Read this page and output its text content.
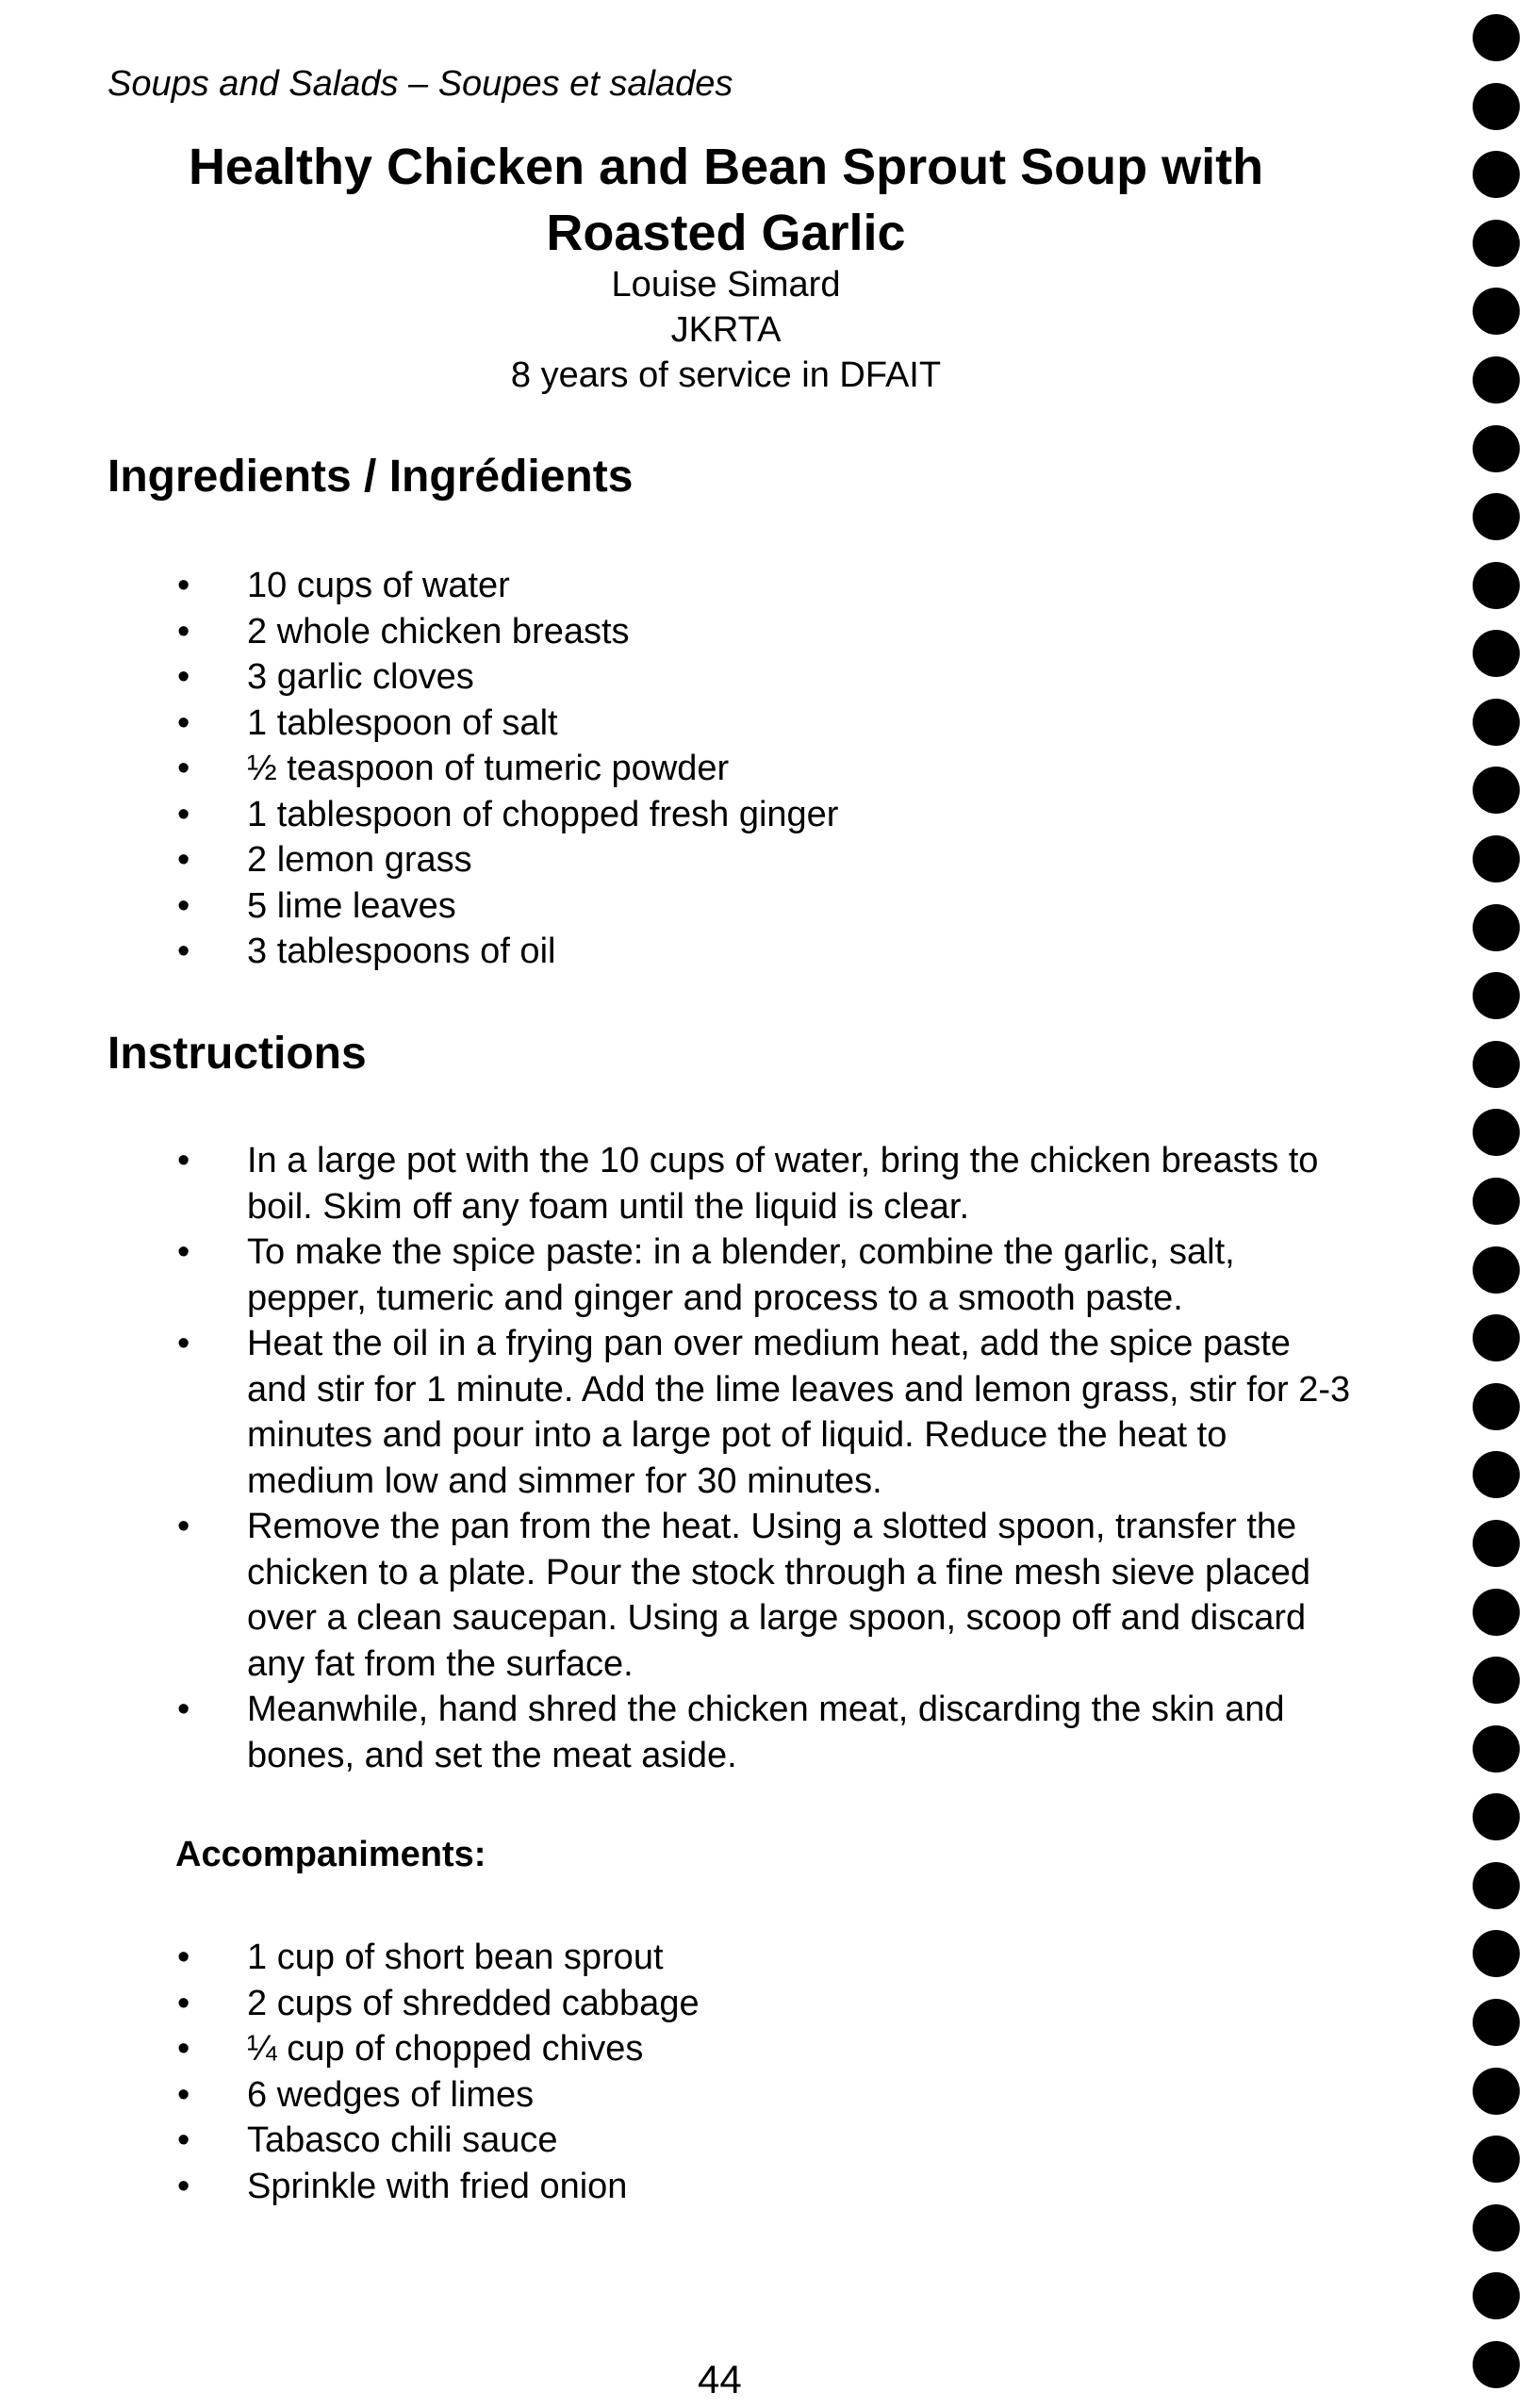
Soups and Salads – Soupes et salades
Healthy Chicken and Bean Sprout Soup with
Roasted Garlic
Louise Simard
JKRTA
8 years of service in DFAIT
Ingredients / Ingrédients
• 10 cups of water
• 2 whole chicken breasts
• 3 garlic cloves
• 1 tablespoon of salt
• ½ teaspoon of tumeric powder
• 1 tablespoon of chopped fresh ginger
• 2 lemon grass
• 5 lime leaves
• 3 tablespoons of oil
Instructions
• In a large pot with the 10 cups of water, bring the chicken breasts to boil. Skim off any foam until the liquid is clear.
• To make the spice paste: in a blender, combine the garlic, salt, pepper, tumeric and ginger and process to a smooth paste.
• Heat the oil in a frying pan over medium heat, add the spice paste and stir for 1 minute. Add the lime leaves and lemon grass, stir for 2-3 minutes and pour into a large pot of liquid. Reduce the heat to medium low and simmer for 30 minutes.
• Remove the pan from the heat. Using a slotted spoon, transfer the chicken to a plate. Pour the stock through a fine mesh sieve placed over a clean saucepan. Using a large spoon, scoop off and discard any fat from the surface.
• Meanwhile, hand shred the chicken meat, discarding the skin and bones, and set the meat aside.
Accompaniments:
• 1 cup of short bean sprout
• 2 cups of shredded cabbage
• ¼ cup of chopped chives
• 6 wedges of limes
• Tabasco chili sauce
• Sprinkle with fried onion
44
